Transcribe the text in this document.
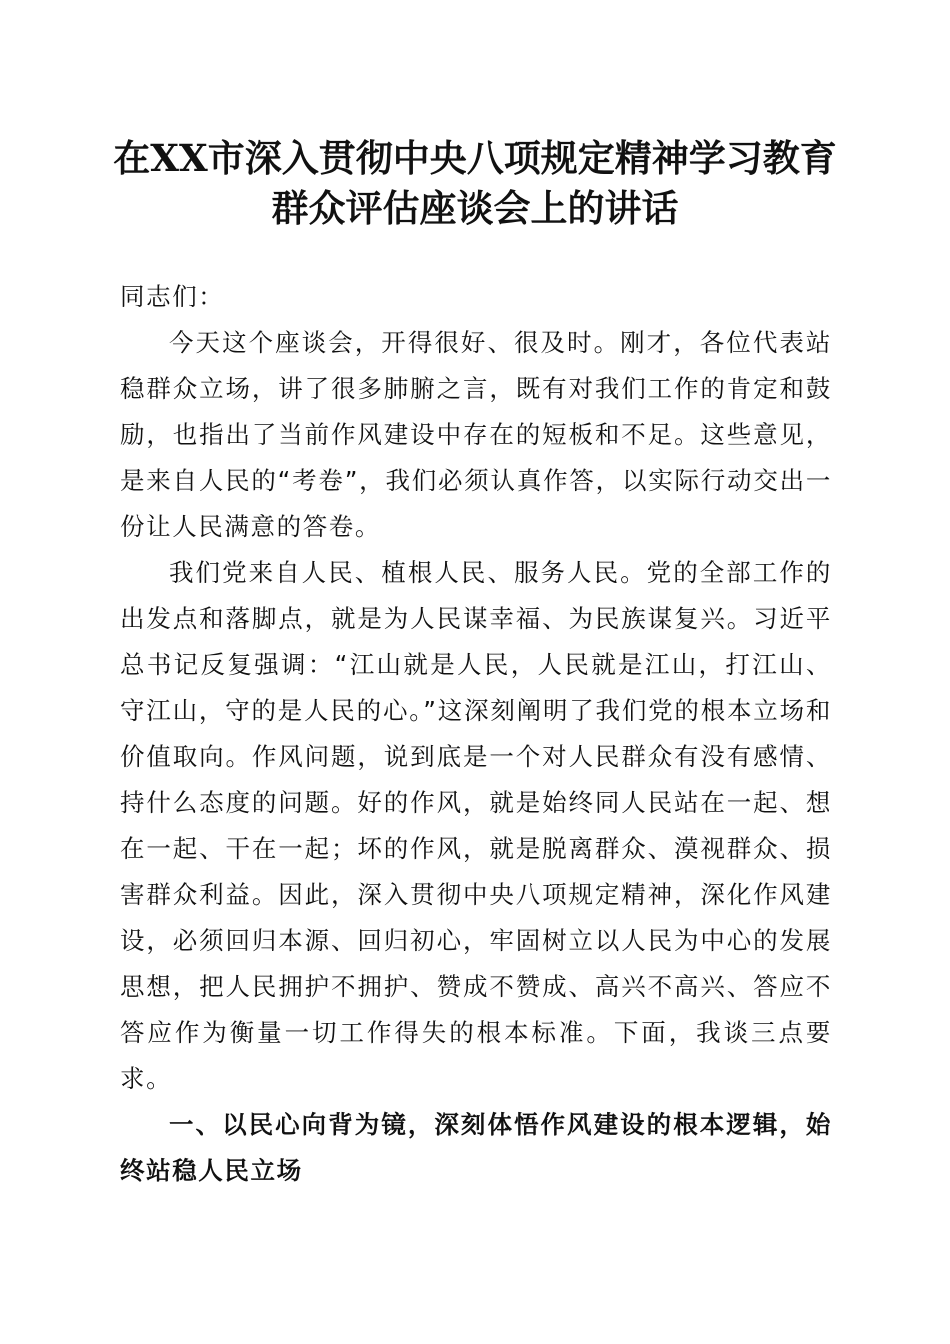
在XX市深入贯彻中央八项规定精神学习教育
群众评估座谈会上的讲话

同志们：

今天这个座谈会，开得很好、很及时。刚才，各位代表站稳群众立场，讲了很多肺腑之言，既有对我们工作的肯定和鼓励，也指出了当前作风建设中存在的短板和不足。这些意见，是来自人民的“考卷”，我们必须认真作答，以实际行动交出一份让人民满意的答卷。

我们党来自人民、植根人民、服务人民。党的全部工作的出发点和落脚点，就是为人民谋幸福、为民族谋复兴。习近平总书记反复强调：“江山就是人民，人民就是江山，打江山、守江山，守的是人民的心。”这深刻阐明了我们党的根本立场和价值取向。作风问题，说到底是一个对人民群众有没有感情、持什么态度的问题。好的作风，就是始终同人民站在一起、想在一起、干在一起；坏的作风，就是脱离群众、漠视群众、损害群众利益。因此，深入贯彻中央八项规定精神，深化作风建设，必须回归本源、回归初心，牢固树立以人民为中心的发展思想，把人民拥护不拥护、赞成不赞成、高兴不高兴、答应不答应作为衡量一切工作得失的根本标准。下面，我谈三点要求。

一、以民心向背为镜，深刻体悟作风建设的根本逻辑，始终站稳人民立场
